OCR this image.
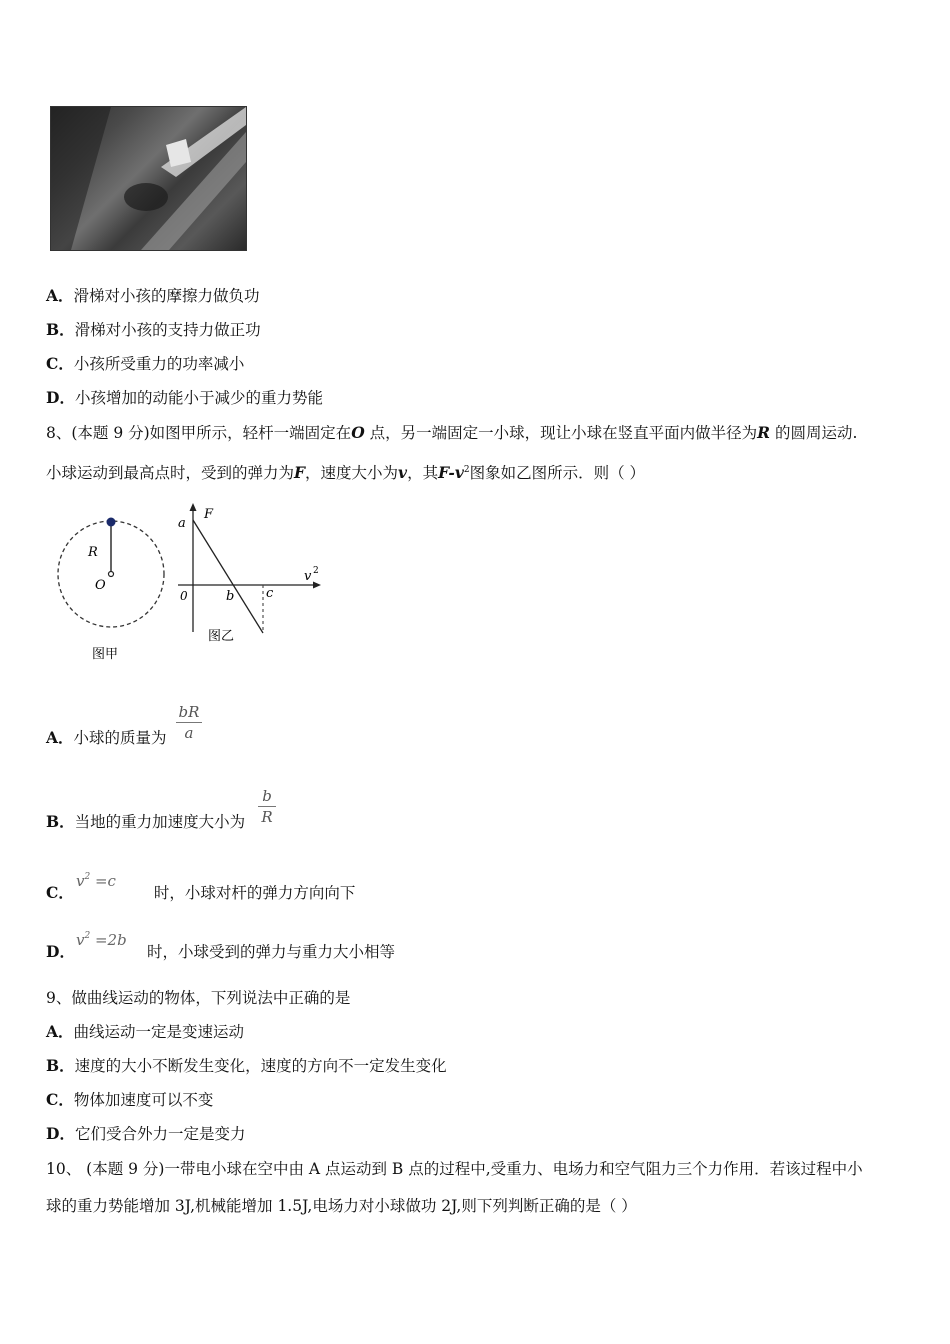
A．滑梯对小孩的摩擦力做负功
B．滑梯对小孩的支持力做正功
C．小孩所受重力的功率减小
D．小孩增加的动能小于减少的重力势能
8、(本题 9 分)如图甲所示，轻杆一端固定在O 点，另一端固定一小球，现让小球在竖直平面内做半径为R 的圆周运动.
小球运动到最高点时，受到的弹力为F，速度大小为v，其$F-v^2$图象如乙图所示．则（ ）
R
O
图甲
a
F
0	b c
v 2
图乙
A．小球的质量为
bR
a
B．当地的重力加速度大小为
b
R
C．	时，小球对杆的弹力方向向下
$v^2 =c$
D．	时，小球受到的弹力与重力大小相等
$v^2 =2b$
9、做曲线运动的物体，下列说法中正确的是
A．曲线运动一定是变速运动
B．速度的大小不断发生变化，速度的方向不一定发生变化
C．物体加速度可以不变
D．它们受合外力一定是变力
10、 (本题 9 分)一带电小球在空中由 A 点运动到 B 点的过程中,受重力、电场力和空气阻力三个力作用．若该过程中小
球的重力势能增加 3J,机械能增加 1.5J,电场力对小球做功 2J,则下列判断正确的是（ ）
